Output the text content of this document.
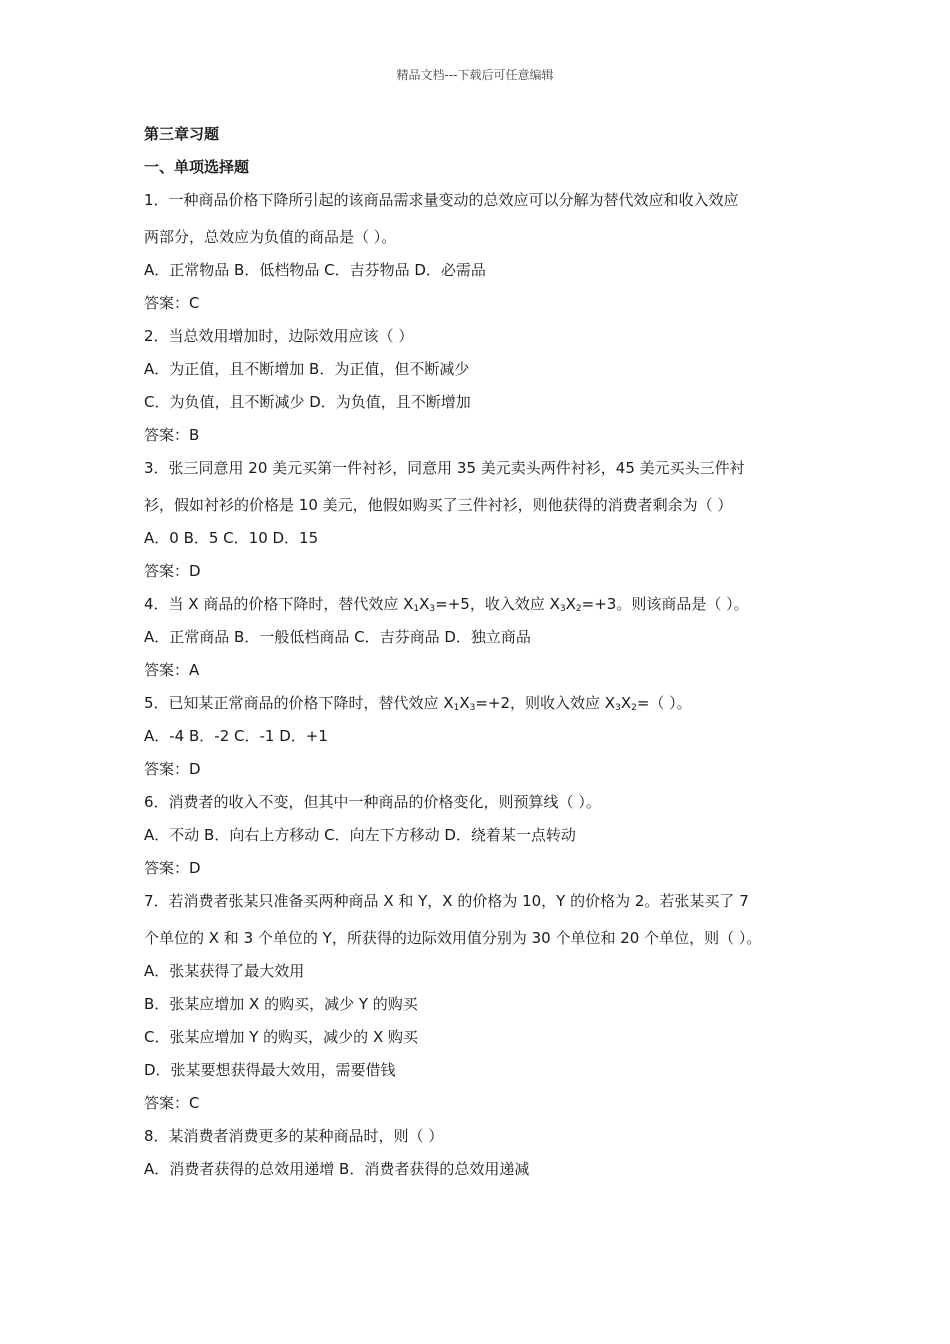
精品文档---下载后可任意编辑
第三章习题
一、单项选择题
1．一种商品价格下降所引起的该商品需求量变动的总效应可以分解为替代效应和收入效应
两部分，总效应为负值的商品是（ ）。
A．正常物品 B．低档物品 C．吉芬物品 D．必需品
答案：C
2．当总效用增加时，边际效用应该（ ）
A．为正值，且不断增加 B．为正值，但不断减少
C．为负值，且不断减少 D．为负值，且不断增加
答案：B
3．张三同意用 20 美元买第一件衬衫，同意用 35 美元卖头两件衬衫，45 美元买头三件衬
衫，假如衬衫的价格是 10 美元，他假如购买了三件衬衫，则他获得的消费者剩余为（ ）
A．0 B．5 C．10 D．15
答案：D
4．当 X 商品的价格下降时，替代效应 $X_1X_3=+5$，收入效应 $X_3X_2=+3$。则该商品是（ ）。
A．正常商品 B．一般低档商品 C．吉芬商品 D．独立商品
答案：A
5．已知某正常商品的价格下降时，替代效应 $X_1X_3=+2$，则收入效应 $X_3X_2=$（ ）。
A．-4 B．-2 C．-1 D．+1
答案：D
6．消费者的收入不变，但其中一种商品的价格变化，则预算线（ ）。
A．不动 B．向右上方移动 C．向左下方移动 D．绕着某一点转动
答案：D
7．若消费者张某只准备买两种商品 X 和 Y，X 的价格为 10，Y 的价格为 2。若张某买了 7
个单位的 X 和 3 个单位的 Y，所获得的边际效用值分别为 30 个单位和 20 个单位，则（ ）。
A．张某获得了最大效用
B．张某应增加 X 的购买，减少 Y 的购买
C．张某应增加 Y 的购买，减少的 X 购买
D．张某要想获得最大效用，需要借钱
答案：C
8．某消费者消费更多的某种商品时，则（ ）
A．消费者获得的总效用递增 B．消费者获得的总效用递减
